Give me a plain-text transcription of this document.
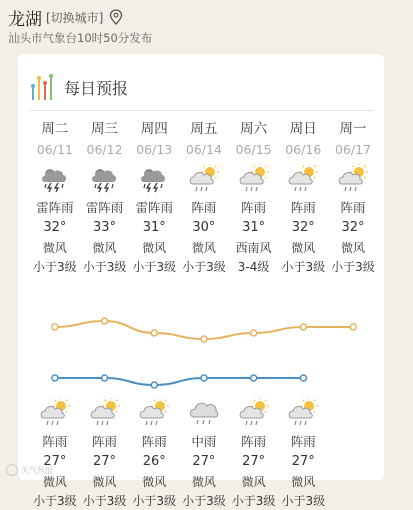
龙湖 [切换城市]
汕头市气象台10时50分发布
每日预报
周二
06/11
雷阵雨
32°
微风
小于3级
周三
06/12
雷阵雨
33°
微风
小于3级
周四
06/13
雷阵雨
31°
微风
小于3级
周五
06/14
阵雨
30°
微风
小于3级
周六
06/15
阵雨
31°
西南风
3-4级
周日
06/16
阵雨
32°
微风
小于3级
周一
06/17
阵雨
32°
微风
小于3级
阵雨
27°
微风
小于3级
阵雨
27°
微风
小于3级
阵雨
26°
微风
小于3级
中雨
27°
微风
小于3级
阵雨
27°
微风
小于3级
阵雨
27°
微风
小于3级
天气预报
